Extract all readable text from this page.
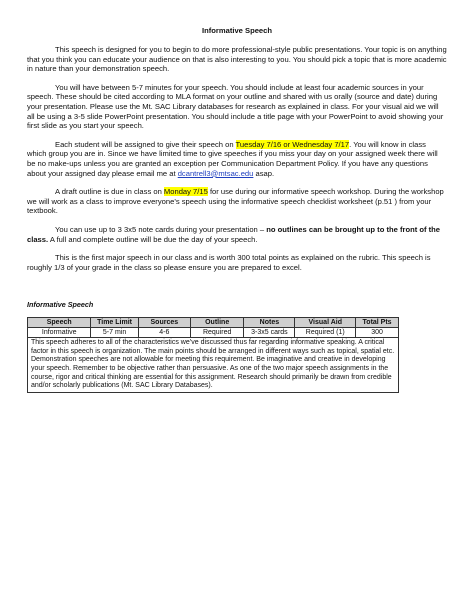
Informative Speech

This speech is designed for you to begin to do more professional-style public presentations. Your topic is on anything that you think you can educate your audience on that is also interesting to you. You should pick a topic that is more academic in nature than your demonstration speech.

You will have between 5-7 minutes for your speech. You should include at least four academic sources in your speech. These should be cited according to MLA format on your outline and shared with us orally (source and date) during your presentation. Please use the Mt. SAC Library databases for research as explained in class. For your visual aid we will all be using a 3-5 slide PowerPoint presentation. You should include a title page with your PowerPoint to avoid showing your first slide as you start your speech.

Each student will be assigned to give their speech on Tuesday 7/16 or Wednesday 7/17. You will know in class which group you are in. Since we have limited time to give speeches if you miss your day on your assigned week there will be no make-ups unless you are granted an exception per Communication Department Policy. If you have any questions about your assigned day please email me at dcantrell3@mtsac.edu asap.

A draft outline is due in class on Monday 7/15 for use during our informative speech workshop. During the workshop we will work as a class to improve everyone’s speech using the informative speech checklist worksheet (p.51 ) from your textbook.

You can use up to 3 3x5 note cards during your presentation – no outlines can be brought up to the front of the class. A full and complete outline will be due the day of your speech.

This is the first major speech in our class and is worth 300 total points as explained on the rubric. This speech is roughly 1/3 of your grade in the class so please ensure you are prepared to excel.

Informative Speech
Speech	Time Limit	Sources	Outline	Notes	Visual Aid	Total Pts
Informative	5-7 min	4-6	Required	3-3x5 cards	Required (1)	300
This speech adheres to all of the characteristics we’ve discussed thus far regarding informative speaking. A critical factor in this speech is organization. The main points should be arranged in different ways such as topical, spatial etc. Demonstration speeches are not allowable for meeting this requirement. Be imaginative and creative in developing your speech. Remember to be objective rather than persuasive. As one of the two major speech assignments in the course, rigor and critical thinking are essential for this assignment. Research should primarily be drawn from credible and/or scholarly publications (Mt. SAC Library Databases).						
